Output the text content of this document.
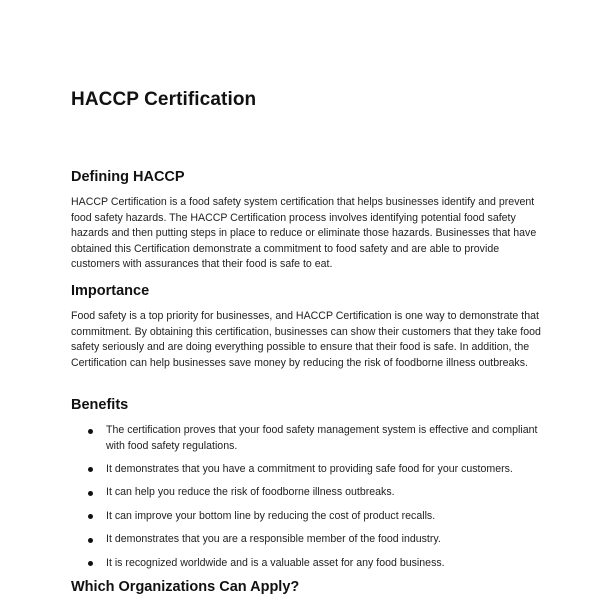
HACCP Certification
Defining HACCP

HACCP Certification is a food safety system certification that helps businesses identify and prevent food safety hazards. The HACCP Certification process involves identifying potential food safety hazards and then putting steps in place to reduce or eliminate those hazards. Businesses that have obtained this Certification demonstrate a commitment to food safety and are able to provide customers with assurances that their food is safe to eat.

Importance

Food safety is a top priority for businesses, and HACCP Certification is one way to demonstrate that commitment. By obtaining this certification, businesses can show their customers that they take food safety seriously and are doing everything possible to ensure that their food is safe. In addition, the Certification can help businesses save money by reducing the risk of foodborne illness outbreaks.

Benefits
The certification proves that your food safety management system is effective and compliant with food safety regulations.
It demonstrates that you have a commitment to providing safe food for your customers.
It can help you reduce the risk of foodborne illness outbreaks.
It can improve your bottom line by reducing the cost of product recalls.
It demonstrates that you are a responsible member of the food industry.
It is recognized worldwide and is a valuable asset for any food business.
Which Organizations Can Apply?
